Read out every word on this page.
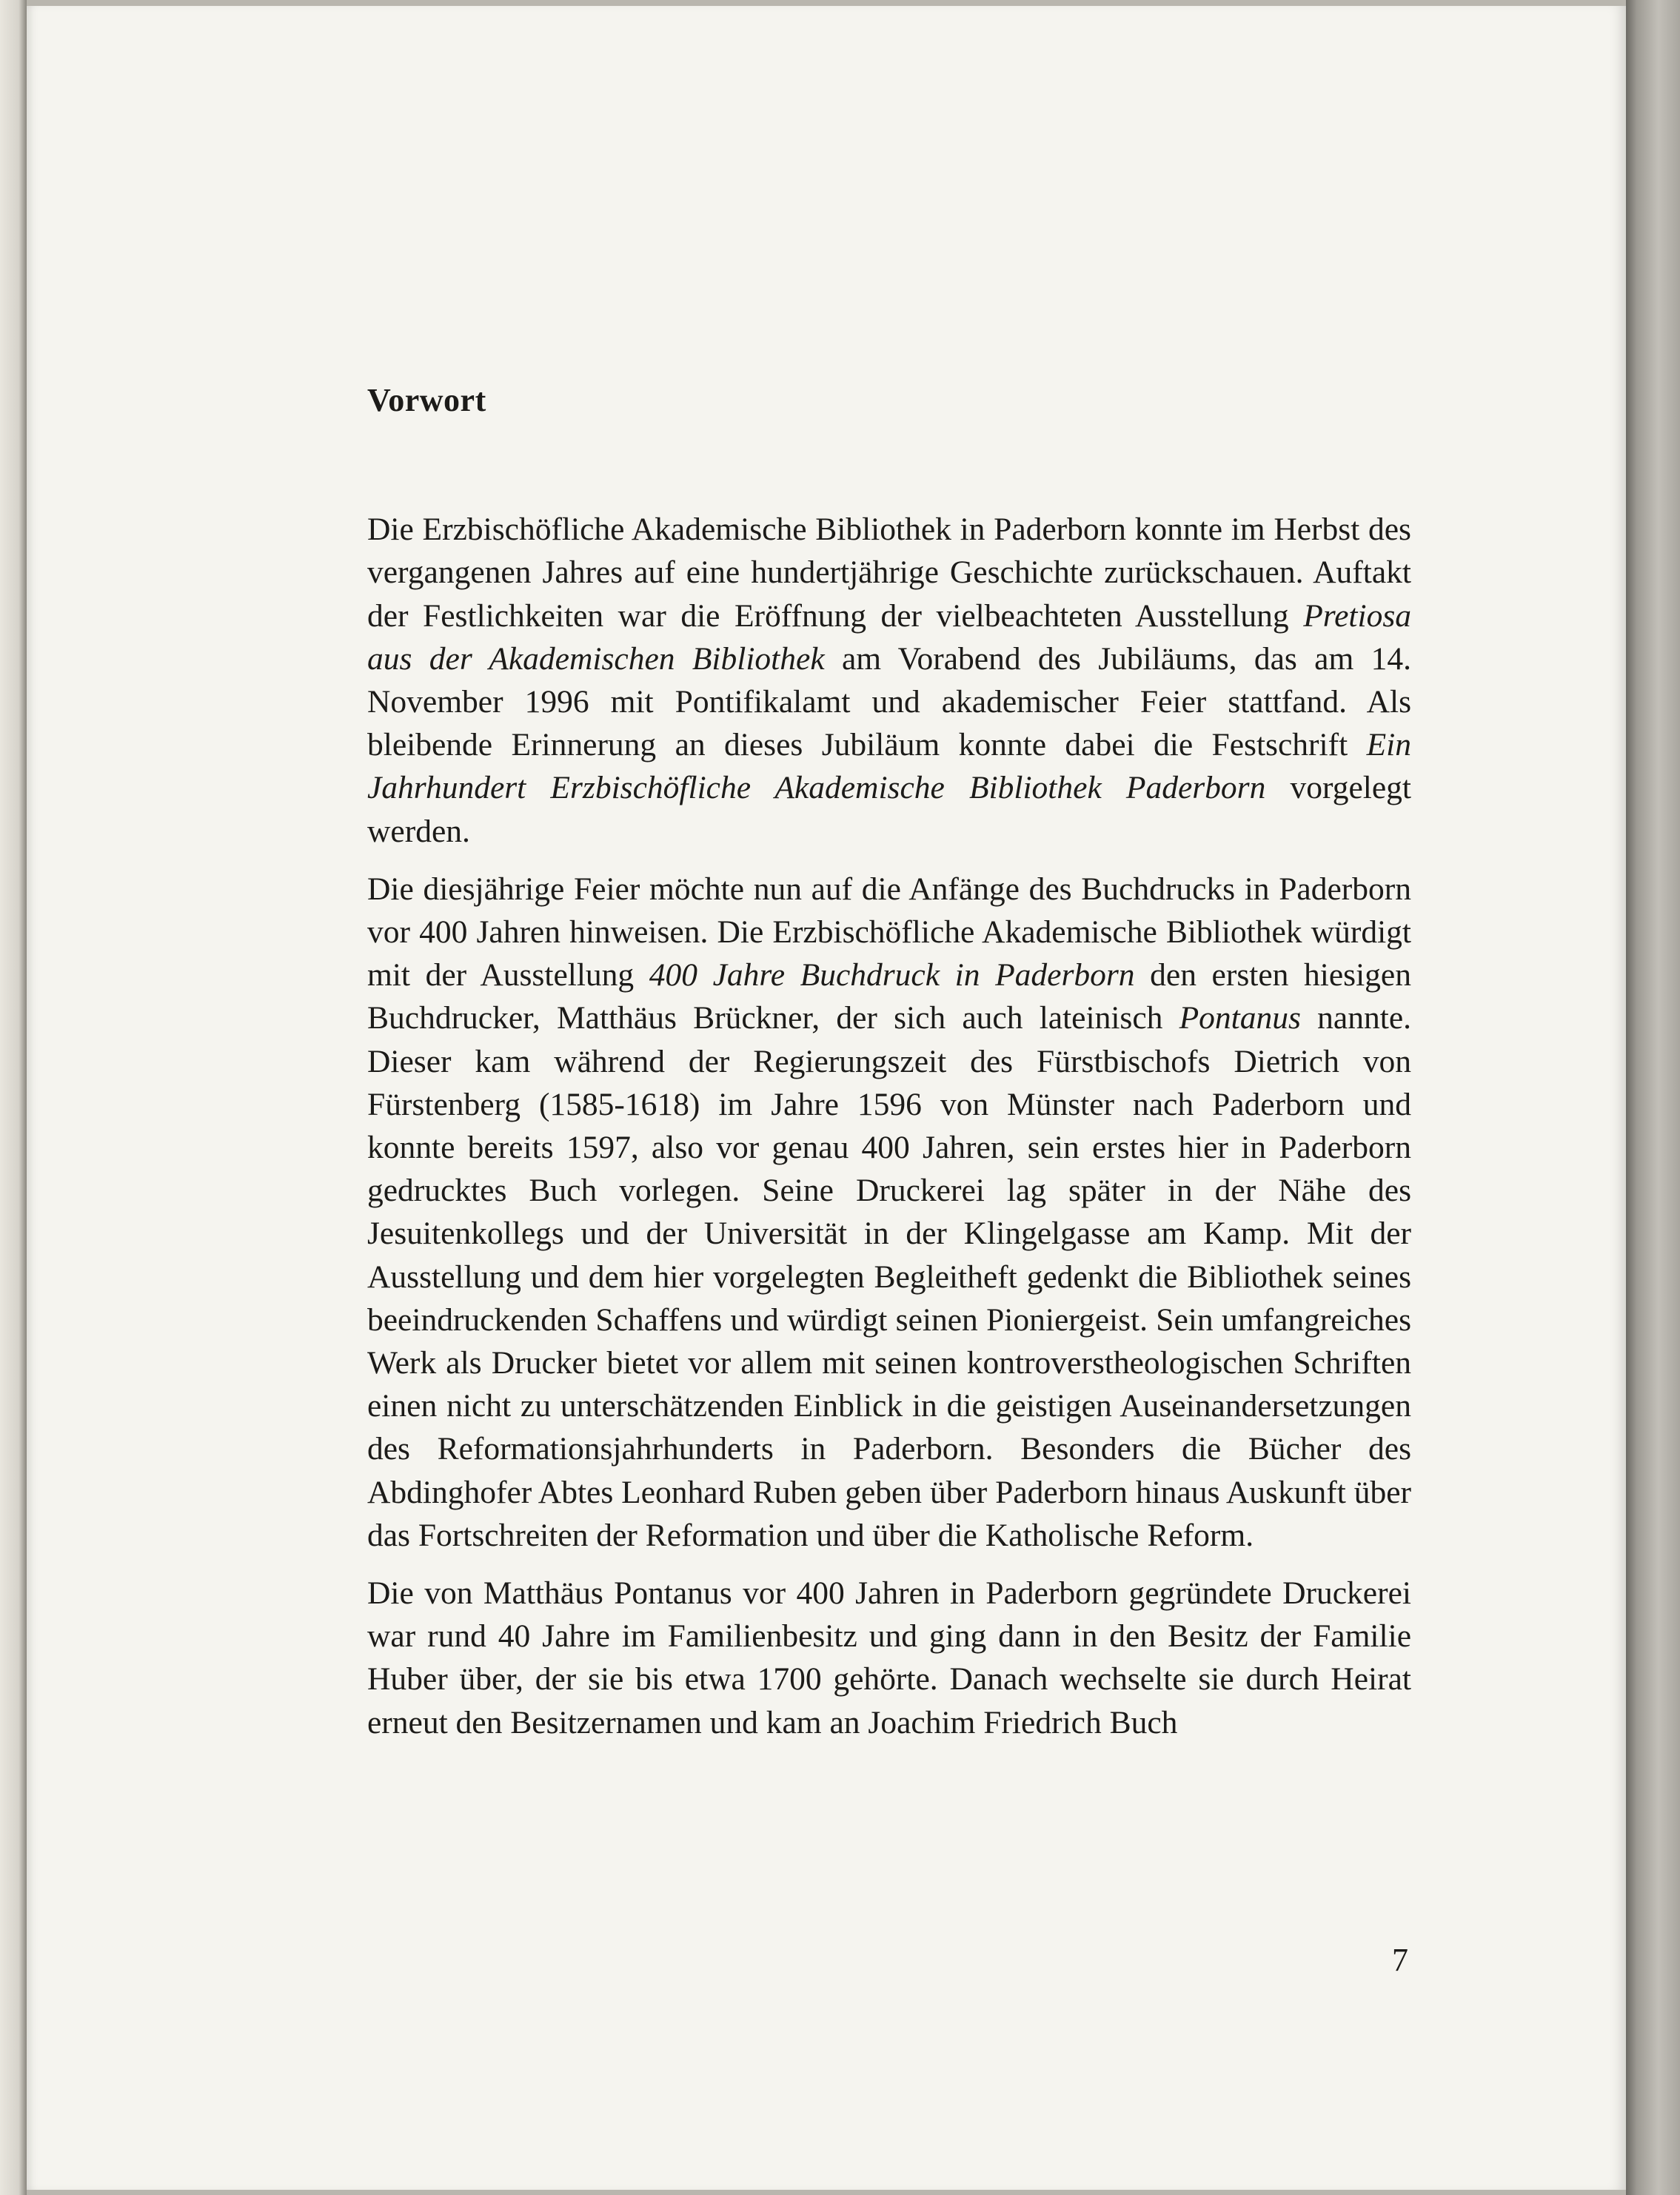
Vorwort

Die Erzbischöfliche Akademische Bibliothek in Paderborn konnte im Herbst des vergangenen Jahres auf eine hundertjährige Geschichte zurückschauen. Auftakt der Festlichkeiten war die Eröffnung der vielbeachteten Ausstellung Pretiosa aus der Akademischen Bibliothek am Vorabend des Jubiläums, das am 14. November 1996 mit Pontifikalamt und akademischer Feier stattfand. Als bleibende Erinnerung an dieses Jubiläum konnte dabei die Festschrift Ein Jahrhundert Erzbischöfliche Akademische Bibliothek Paderborn vorgelegt werden.

Die diesjährige Feier möchte nun auf die Anfänge des Buchdrucks in Paderborn vor 400 Jahren hinweisen. Die Erzbischöfliche Akademische Bibliothek würdigt mit der Ausstellung 400 Jahre Buchdruck in Paderborn den ersten hiesigen Buchdrucker, Matthäus Brückner, der sich auch lateinisch Pontanus nannte. Dieser kam während der Regierungszeit des Fürstbischofs Dietrich von Fürstenberg (1585-1618) im Jahre 1596 von Münster nach Paderborn und konnte bereits 1597, also vor genau 400 Jahren, sein erstes hier in Paderborn gedrucktes Buch vorlegen. Seine Druckerei lag später in der Nähe des Jesuitenkollegs und der Universität in der Klingelgasse am Kamp. Mit der Ausstellung und dem hier vorgelegten Begleitheft gedenkt die Bibliothek seines beeindruckenden Schaffens und würdigt seinen Pioniergeist. Sein umfangreiches Werk als Drucker bietet vor allem mit seinen kontroverstheologischen Schriften einen nicht zu unterschätzenden Einblick in die geistigen Auseinandersetzungen des Reformationsjahrhunderts in Paderborn. Besonders die Bücher des Abdinghofer Abtes Leonhard Ruben geben über Paderborn hinaus Auskunft über das Fortschreiten der Reformation und über die Katholische Reform.

Die von Matthäus Pontanus vor 400 Jahren in Paderborn gegründete Druckerei war rund 40 Jahre im Familienbesitz und ging dann in den Besitz der Familie Huber über, der sie bis etwa 1700 gehörte. Danach wechselte sie durch Heirat erneut den Besitzernamen und kam an Joachim Friedrich Buch

7
